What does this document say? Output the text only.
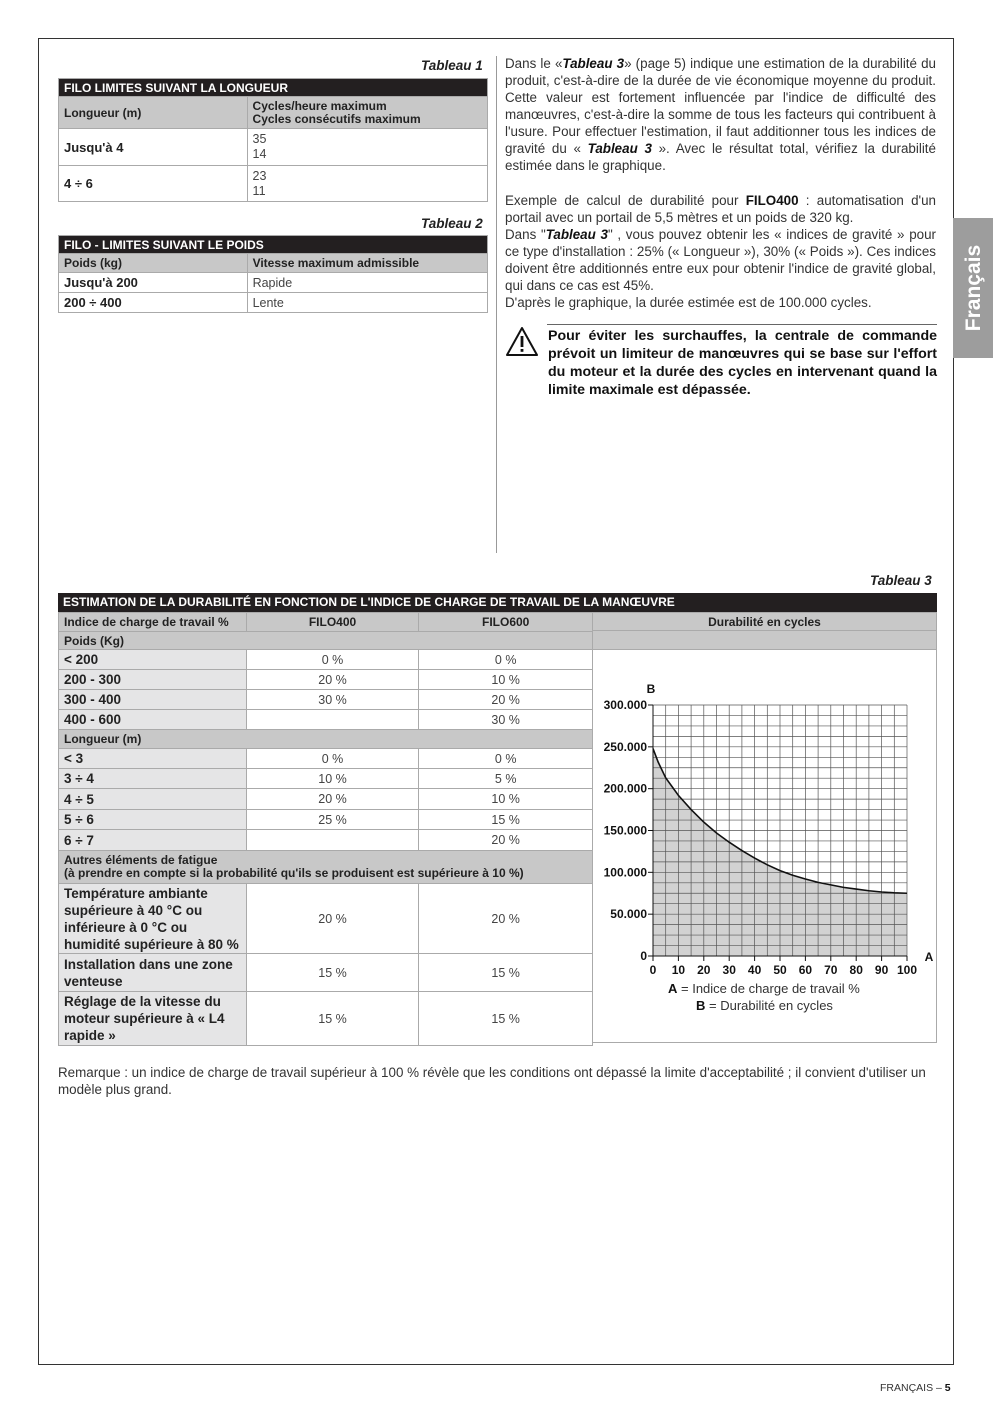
Français
Tableau 1
FILO LIMITES SUIVANT LA LONGUEUR	
Longueur (m)	Cycles/heure maximum
Cycles consécutifs maximum

Jusqu'à 4	35
14

4 ÷ 6	23
11
Tableau 2
FILO - LIMITES SUIVANT LE POIDS	
Poids (kg)	Vitesse maximum admissible
Jusqu'à 200	Rapide
200 ÷ 400	Lente

Dans le «Tableau 3» (page 5) indique une estimation de la durabilité du produit, c'est-à-dire de la durée de vie économique moyenne du produit. Cette valeur est fortement influencée par l'indice de difficulté des manœuvres, c'est-à-dire la somme de tous les facteurs qui contribuent à l'usure. Pour effectuer l'estimation, il faut additionner tous les indices de gravité du « Tableau 3 ». Avec le résultat total, vérifiez la durabilité estimée dans le graphique.

Exemple de calcul de durabilité pour FILO400 : automatisation d'un portail avec un portail de 5,5 mètres et un poids de 320 kg.

Dans "Tableau 3" , vous pouvez obtenir les « indices de gravité » pour ce type d'installation : 25% (« Longueur »), 30% (« Poids »). Ces indices doivent être additionnés entre eux pour obtenir l'indice de gravité global, qui dans ce cas est 45%.

D'après le graphique, la durée estimée est de 100.000 cycles.

Pour éviter les surchauffes, la centrale de commande prévoit un limiteur de manœuvres qui se base sur l'effort du moteur et la durée des cycles en intervenant quand la limite maximale est dépassée.

Tableau 3
ESTIMATION DE LA DURABILITÉ EN FONCTION DE L'INDICE DE CHARGE DE TRAVAIL DE LA MANŒUVRE
Indice de charge de travail %	FILO400	FILO600
Poids (Kg)		
< 200	0 %	0 %
200 - 300	20 %	10 %
300 - 400	30 %	20 %
400 - 600		30 %
Longueur (m)		
< 3	0 %	0 %
3 ÷ 4	10 %	5 %
4 ÷ 5	20 %	10 %
5 ÷ 6	25 %	15 %
6 ÷ 7		20 %

Autres éléments de fatigue
(à prendre en compte si la probabilité qu'ils se produisent est supérieure à 10 %)		

Température ambiante
supérieure à 40 °C ou
inférieure à 0 °C ou
humidité supérieure à 80 %	20 %	20 %

Installation dans une zone
venteuse	15 %	15 %

Réglage de la vitesse du
moteur supérieure à « L4
rapide »	15 %	15 %
Durabilité en cycles
0
50.000
100.000
150.000
200.000
250.000
300.000
0 10 20 30 40 50 60 70 80 90 100
B
A
A = Indice de charge de travail %
B = Durabilité en cycles

Remarque : un indice de charge de travail supérieur à 100 % révèle que les conditions ont dépassé la limite d'acceptabilité ; il convient d'utiliser un modèle plus grand.

FRANÇAIS – 5
